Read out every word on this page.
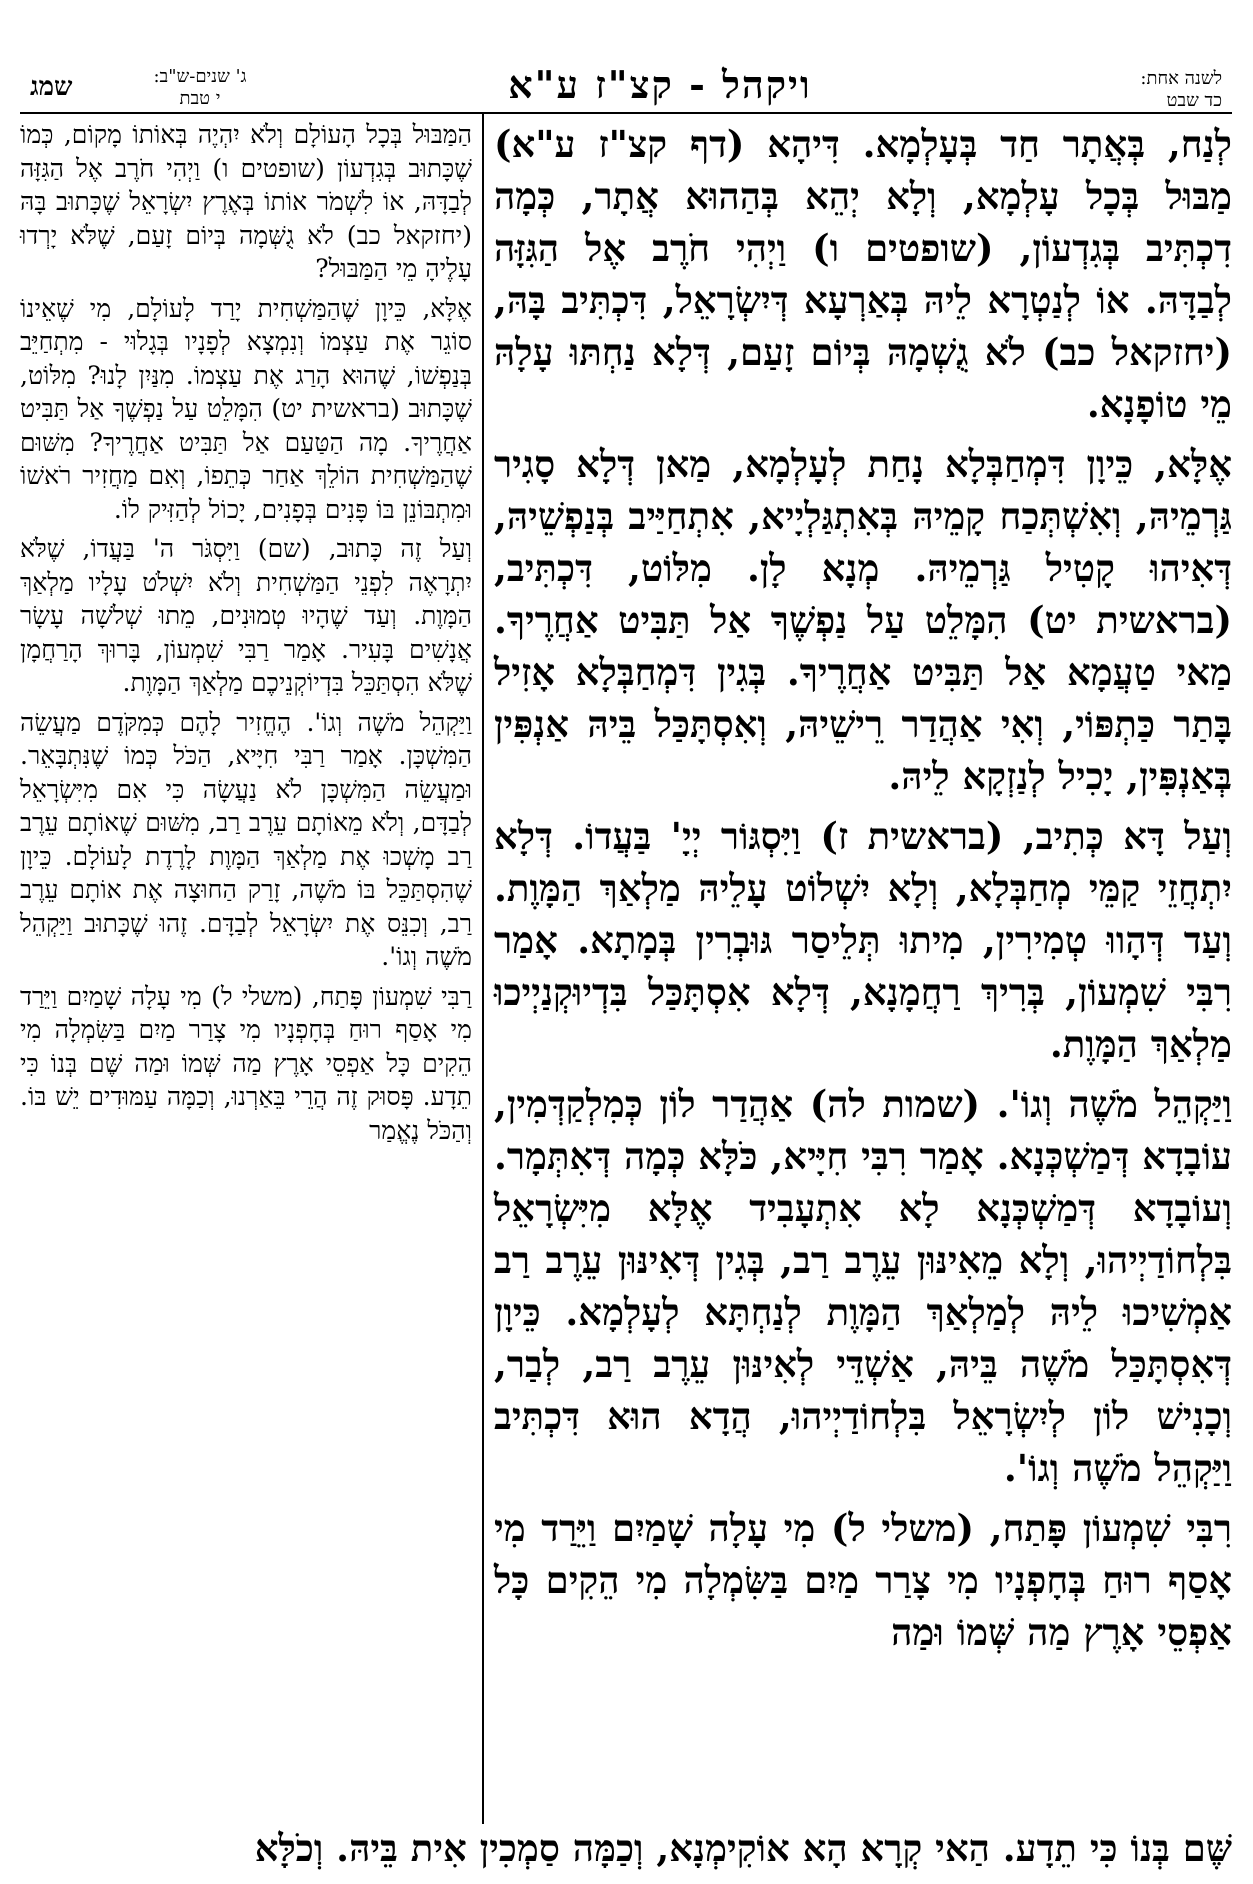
שמג	ג' שנים-ש"ב:
י טבת	ויקהל - קצ"ז ע"א	לשנה אחת:
כד שבט

לְנַח, בְּאֲתָר חַד בְּעָלְמָא. דִּיהָא (דף קצ"ז ע"א) מַבּוּל בְּכָל עָלְמָא, וְלָא יְהֵא בְּהַהוּא אֲתָר, כְּמָה דִכְתִּיב בְּגִדְעוֹן, (שופטים ו) וַיְהִי חֹרֶב אֶל הַגִּזָּה לְבַדָּהּ. אוֹ לְנַטְרָא לֵיהּ בְּאַרְעָא דְּיִשְׂרָאֵל, דִּכְתִּיב בָּהּ, (יחזקאל כב) לֹא גֻשְׁמָהּ בְּיוֹם זָעַם, דְּלָא נַחְתּוּ עָלָהּ מֵי טוֹפָנָא.

אֶלָּא, כֵּיוָן דִּמְחַבְּלָא נָחַת לְעָלְמָא, מַאן דְּלָא סָגִיר גַּרְמֵיהּ, וְאִשְׁתְּכַח קָמֵיהּ בְּאִתְגַּלְיָיא, אִתְחַיַּיב בְּנַפְשֵׁיהּ, דְּאִיהוּ קָטִיל גַּרְמֵיהּ. מְנָא לָן. מִלּוֹט, דִּכְתִּיב, (בראשית יט) הִמָּלֵט עַל נַפְשֶׁךָ אַל תַּבִּיט אַחֲרֶיךָ. מַאי טַעֲמָא אַל תַּבִּיט אַחֲרֶיךָ. בְּגִין דִּמְחַבְּלָא אָזִיל בָּתַר כַּתְפּוֹי, וְאִי אַהֲדַר רֵישֵׁיהּ, וְאִסְתָּכַּל בֵּיהּ אַנְפִּין בְּאַנְפִּין, יָכִיל לְנַזְקָא לֵיהּ.

וְעַל דָּא כְּתִיב, (בראשית ז) וַיִּסְגּוֹר יְיָ' בַּעֲדוֹ. דְּלָא יִתְחֲזֵי קַמֵּי מְחַבְּלָא, וְלָא יִשְׁלוֹט עָלֵיהּ מַלְאַךְ הַמָּוֶת. וְעַד דְּהָווּ טְמִירִין, מִיתוּ תְּלֵיסַר גּוּבְרִין בְּמָתָא. אָמַר רִבִּי שִׁמְעוֹן, בְּרִיךְ רַחֲמָנָא, דְּלָא אִסְתָּכַּל בִּדְיוּקְנַיְיכוּ מַלְאַךְ הַמָּוֶת.

וַיַּקְהֵל מֹשֶׁה וְגוֹ'. (שמות לה) אַהֲדַר לוֹן כְּמִלְקַדְּמִין, עוֹבָדָא דְּמַשְׁכְּנָא. אָמַר רִבִּי חִיָּיא, כֹּלָּא כְּמָה דְּאִתְּמָר. וְעוֹבָדָא דְּמַשְׁכְּנָא לָא אִתְעָבִיד אֶלָּא מִיִּשְׂרָאֵל בִּלְחוֹדַיְיהוּ, וְלָא מֵאִינּוּן עֵרֶב רַב, בְּגִין דְּאִינּוּן עֵרֶב רַב אַמְשִׁיכוּ לֵיהּ לְמַלְאַךְ הַמָּוֶת לְנַחְתָּא לְעָלְמָא. כֵּיוָן דְּאִסְתָּכַּל מֹשֶׁה בֵּיהּ, אַשְׁדֵּי לְאִינּוּן עֵרֶב רַב, לְבַר, וְכָנִישׁ לוֹן לְיִשְׂרָאֵל בִּלְחוֹדַיְיהוּ, הֲדָא הוּא דִּכְתִּיב וַיַּקְהֵל מֹשֶׁה וְגוֹ'.

רִבִּי שִׁמְעוֹן פָּתַח, (משלי ל) מִי עָלָה שָׁמַיִם וַיֵּרַד מִי אָסַף רוּחַ בְּחָפְנָיו מִי צָרַר מַיִם בַּשִּׂמְלָה מִי הֵקִים כָּל אַפְסֵי אָרֶץ מַה שְּׁמוֹ וּמַה

הַמַּבּוּל בְּכָל הָעוֹלָם וְלֹא יִהְיֶה בְּאוֹתוֹ מָקוֹם, כְּמוֹ שֶׁכָּתוּב בְּגִדְעוֹן (שופטים ו) וַיְהִי חֹרֶב אֶל הַגִּזָּה לְבַדָּהּ, אוֹ לִשְׁמֹר אוֹתוֹ בְּאֶרֶץ יִשְׂרָאֵל שֶׁכָּתוּב בָּהּ (יחזקאל כב) לֹא גֻשְּׁמָה בְּיוֹם זָעַם, שֶׁלֹּא יָרְדוּ עָלֶיהָ מֵי הַמַּבּוּל?

אֶלָּא, כֵּיוָן שֶׁהַמַּשְׁחִית יָרַד לָעוֹלָם, מִי שֶׁאֵינוֹ סוֹגֵר אֶת עַצְמוֹ וְנִמְצָא לְפָנָיו בְּגָלוּי - מִתְחַיֵּב בְּנַפְשׁוֹ, שֶׁהוּא הָרַג אֶת עַצְמוֹ. מִנַּיִן לָנוּ? מִלּוֹט, שֶׁכָּתוּב (בראשית יט) הִמָּלֵט עַל נַפְשֶׁךָ אַל תַּבִּיט אַחֲרֶיךָ. מָה הַטַּעַם אַל תַּבִּיט אַחֲרֶיךָ? מִשּׁוּם שֶׁהַמַּשְׁחִית הוֹלֵךְ אַחַר כְּתֵפוֹ, וְאִם מַחֲזִיר רֹאשׁוֹ וּמִתְבּוֹנֵן בּוֹ פָּנִים בְּפָנִים, יָכוֹל לְהַזִּיק לוֹ.

וְעַל זֶה כָּתוּב, (שם) וַיִּסְגֹּר ה' בַּעֲדוֹ, שֶׁלֹּא יִתְרָאֶה לִפְנֵי הַמַּשְׁחִית וְלֹא יִשְׁלֹט עָלָיו מַלְאַךְ הַמָּוֶת. וְעַד שֶׁהָיוּ טְמוּנִים, מֵתוּ שְׁלֹשָׁה עָשָׂר אֲנָשִׁים בָּעִיר. אָמַר רַבִּי שִׁמְעוֹן, בָּרוּךְ הָרַחֲמָן שֶׁלֹּא הִסְתַּכֵּל בִּדְיוֹקְנֵיכֶם מַלְאַךְ הַמָּוֶת.

וַיַּקְהֵל מֹשֶׁה וְגוֹ'. הֶחֱזִיר לָהֶם כְּמִקֹּדֶם מַעֲשֵׂה הַמִּשְׁכָּן. אָמַר רַבִּי חִיָּיא, הַכֹּל כְּמוֹ שֶׁנִּתְבָּאֵר. וּמַעֲשֵׂה הַמִּשְׁכָּן לֹא נַעֲשָׂה כִּי אִם מִיִּשְׂרָאֵל לְבַדָּם, וְלֹא מֵאוֹתָם עֵרֶב רַב, מִשּׁוּם שֶׁאוֹתָם עֵרֶב רַב מָשְׁכוּ אֶת מַלְאַךְ הַמָּוֶת לָרֶדֶת לָעוֹלָם. כֵּיוָן שֶׁהִסְתַּכֵּל בּוֹ מֹשֶׁה, זָרַק הַחוּצָה אֶת אוֹתָם עֵרֶב רַב, וְכִנֵּס אֶת יִשְׂרָאֵל לְבַדָּם. זֶהוּ שֶׁכָּתוּב וַיַּקְהֵל מֹשֶׁה וְגוֹ'.

רַבִּי שִׁמְעוֹן פָּתַח, (משלי ל) מִי עָלָה שָׁמַיִם וַיֵּרַד מִי אָסַף רוּחַ בְּחָפְנָיו מִי צָרַר מַיִם בַּשִּׂמְלָה מִי הֵקִים כָּל אַפְסֵי אָרֶץ מַה שְּׁמוֹ וּמַה שֶּׁם בְּנוֹ כִּי תֵדָע. פָּסוּק זֶה הֲרֵי בֵּאַרְנוּ, וְכַמָּה עַמּוּדִים יֵשׁ בּוֹ. וְהַכֹּל נֶאֱמַר

שֶּׁם בְּנוֹ כִּי תֵדָע. הַאי קְרָא הָא אוֹקִימְנָא, וְכַמָּה סַמְכִין אִית בֵּיהּ. וְכֹלָּא
